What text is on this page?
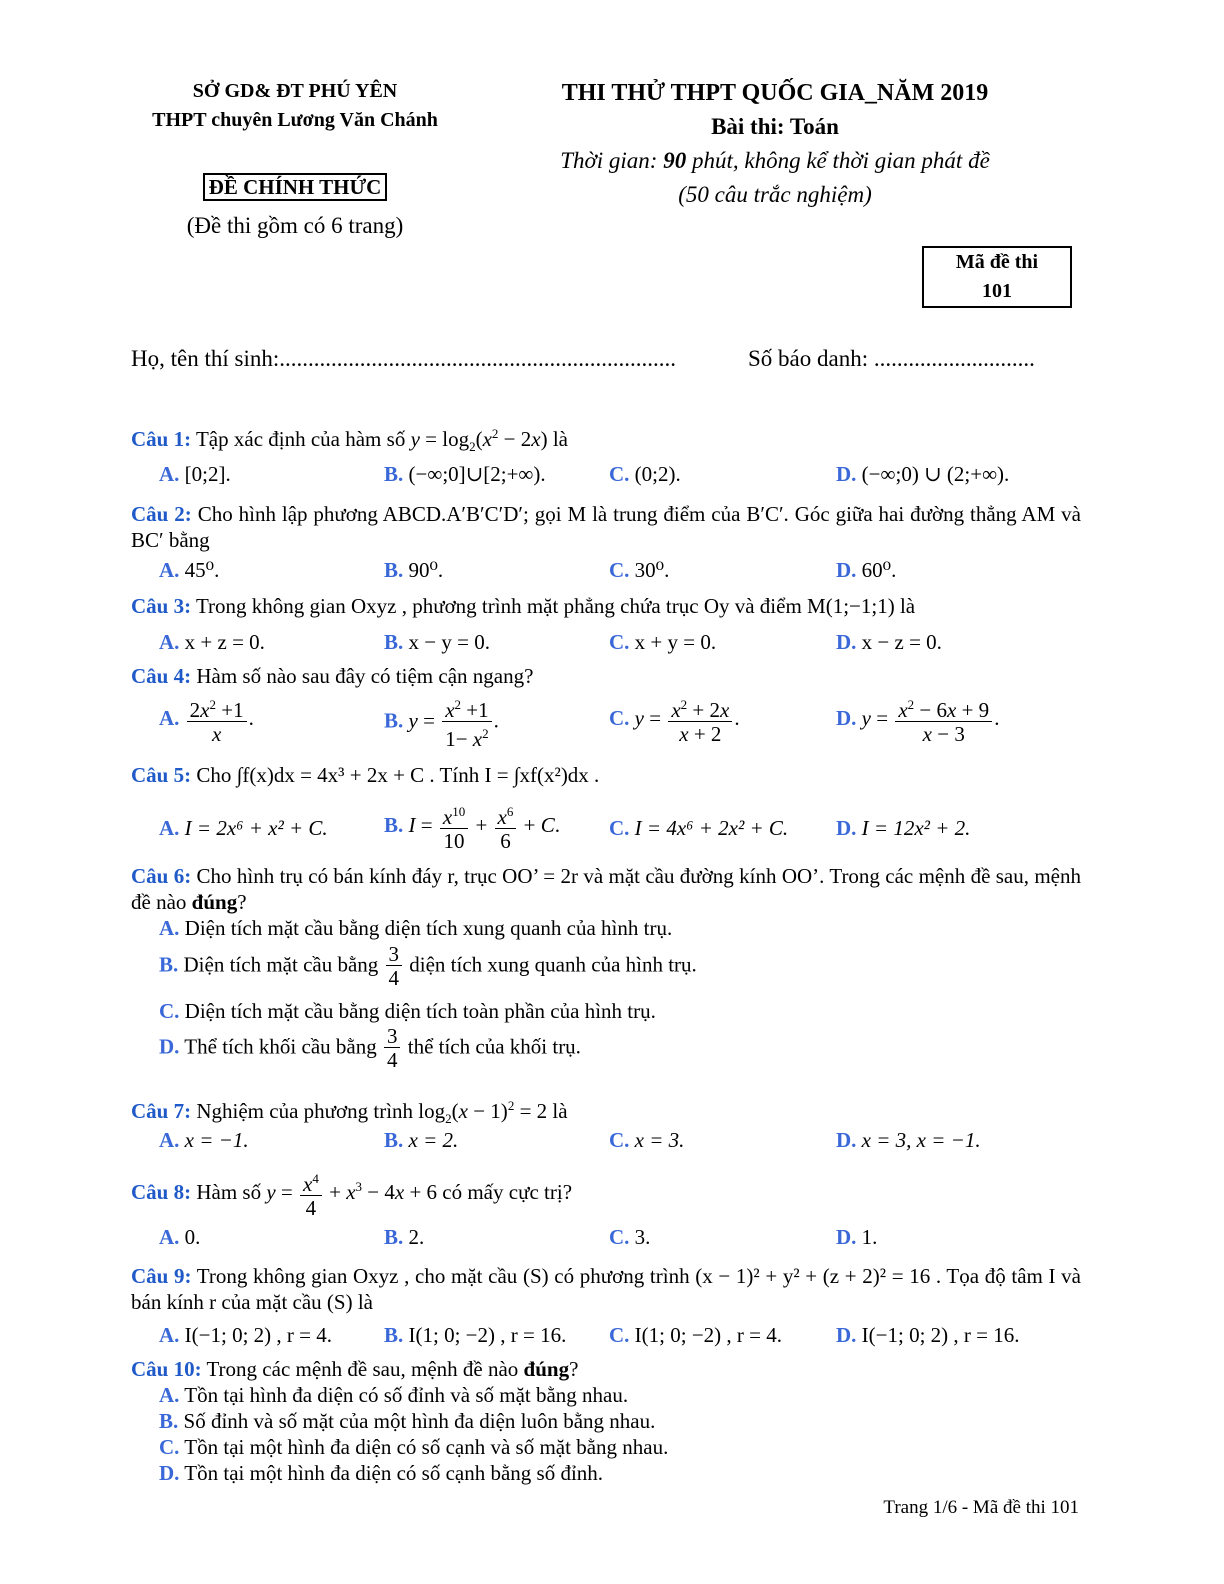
SỞ GD& ĐT PHÚ YÊN
THPT chuyên Lương Văn Chánh
ĐỀ CHÍNH THỨC
(Đề thi gồm có 6 trang)
THI THỬ THPT QUỐC GIA_NĂM 2019
Bài thi: Toán
Thời gian: 90 phút, không kể thời gian phát đề
(50 câu trắc nghiệm)
Mã đề thi
101
Họ, tên thí sinh:.....................................................................	Số báo danh: ............................
Câu 1: Tập xác định của hàm số $y = \log_2(x^2 - 2x)$ là
A. [0;2].	B. (−∞;0]∪[2;+∞).	C. (0;2).	D. (−∞;0) ∪ (2;+∞).
Câu 2: Cho hình lập phương ABCD.A′B′C′D′; gọi M là trung điểm của B′C′. Góc giữa hai đường thẳng AM và BC′ bằng
A. 45⁰.	B. 90⁰.	C. 30⁰.	D. 60⁰.
Câu 3: Trong không gian Oxyz , phương trình mặt phẳng chứa trục Oy và điểm M(1;−1;1) là
A. x + z = 0.	B. x − y = 0.	C. x + y = 0.	D. x − z = 0.
Câu 4: Hàm số nào sau đây có tiệm cận ngang?
A. $\frac{2x^2 +1}{x}$ .	B. $y = \frac{x^2 +1}{1- x^2}$ .	C. $y = \frac{x^2 + 2x}{x + 2}$ .	D. $y = \frac{x^2 - 6x + 9}{x - 3}$ .
Câu 5: Cho ∫f(x)dx = 4x³ + 2x + C . Tính I = ∫xf(x²)dx .
A. I = 2x⁶ + x² + C.	B. $I = \frac{x^{10}}{10} + \frac{x^6}{6} + C$. C. I = 4x⁶ + 2x² + C. D. I = 12x² + 2.
Câu 6: Cho hình trụ có bán kính đáy r, trục OO’ = 2r và mặt cầu đường kính OO’. Trong các mệnh đề sau, mệnh đề nào đúng?
A. Diện tích mặt cầu bằng diện tích xung quanh của hình trụ.
B. Diện tích mặt cầu bằng $\frac{3}{4}$ diện tích xung quanh của hình trụ.
C. Diện tích mặt cầu bằng diện tích toàn phần của hình trụ.
D. Thể tích khối cầu bằng $\frac{3}{4}$ thể tích của khối trụ.
Câu 7: Nghiệm của phương trình $\log_2(x - 1)^2 = 2$ là
A. x = −1.	B. x = 2.	C. x = 3.	D. x = 3, x = −1.
Câu 8: Hàm số $y = \frac{x^4}{4} + x^3 - 4x + 6$ có mấy cực trị?
A. 0.	B. 2.	C. 3.	D. 1.
Câu 9: Trong không gian Oxyz , cho mặt cầu (S) có phương trình (x − 1)² + y² + (z + 2)² = 16 . Tọa độ tâm I và bán kính r của mặt cầu (S) là
A. I(−1; 0; 2) , r = 4. B. I(1; 0; −2) , r = 16. C. I(1; 0; −2) , r = 4.	D. I(−1; 0; 2) , r = 16.
Câu 10: Trong các mệnh đề sau, mệnh đề nào đúng?
A. Tồn tại hình đa diện có số đỉnh và số mặt bằng nhau.
B. Số đỉnh và số mặt của một hình đa diện luôn bằng nhau.
C. Tồn tại một hình đa diện có số cạnh và số mặt bằng nhau.
D. Tồn tại một hình đa diện có số cạnh bằng số đỉnh.
Trang 1/6 - Mã đề thi 101
